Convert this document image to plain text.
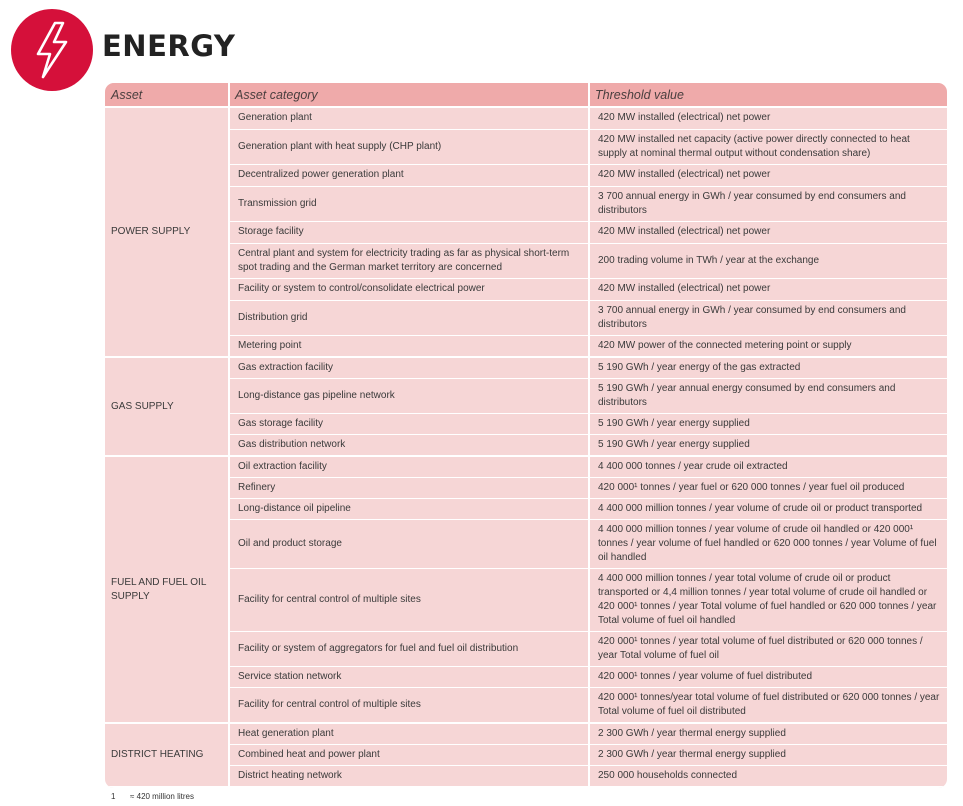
ENERGY
Asset	Asset category	Threshold value
POWER SUPPLY	Generation plant	420 MW installed (electrical) net power
	Generation plant with heat supply (CHP plant)	420 MW installed net capacity (active power directly connected to heat supply at nominal thermal output without condensation share)
	Decentralized power generation plant	420 MW installed (electrical) net power
	Transmission grid	3 700 annual energy in GWh / year consumed by end consumers and distributors
	Storage facility	420 MW installed (electrical) net power
	Central plant and system for electricity trading as far as physical short-term spot trading and the German market territory are concerned	200 trading volume in TWh / year at the exchange
	Facility or system to control/consolidate electrical power	420 MW installed (electrical) net power
	Distribution grid	3 700 annual energy in GWh / year consumed by end consumers and distributors
	Metering point	420 MW power of the connected metering point or supply
GAS SUPPLY	Gas extraction facility	5 190 GWh / year energy of the gas extracted
	Long-distance gas pipeline network	5 190 GWh / year annual energy consumed by end consumers and distributors
	Gas storage facility	5 190 GWh / year energy supplied
	Gas distribution network	5 190 GWh / year energy supplied
FUEL AND FUEL OIL SUPPLY	Oil extraction facility	4 400 000 tonnes / year crude oil extracted
	Refinery	420 000¹ tonnes / year fuel or 620 000 tonnes / year fuel oil produced
	Long-distance oil pipeline	4 400 000 million tonnes / year volume of crude oil or product transported
	Oil and product storage	4 400 000 million tonnes / year volume of crude oil handled or 420 000¹ tonnes / year volume of fuel handled or 620 000 tonnes / year Volume of fuel oil handled
	Facility for central control of multiple sites	4 400 000 million tonnes / year total volume of crude oil or product transported or 4,4 million tonnes / year total volume of crude oil handled or 420 000¹ tonnes / year Total volume of fuel handled or 620 000 tonnes / year Total volume of fuel oil handled
	Facility or system of aggregators for fuel and fuel oil distribution	420 000¹ tonnes / year total volume of fuel distributed or 620 000 tonnes / year Total volume of fuel oil
	Service station network	420 000¹ tonnes / year volume of fuel distributed
	Facility for central control of multiple sites	420 000¹ tonnes/year total volume of fuel distributed or 620 000 tonnes / year Total volume of fuel oil distributed
DISTRICT HEATING	Heat generation plant	2 300 GWh / year thermal energy supplied
	Combined heat and power plant	2 300 GWh / year thermal energy supplied
	District heating network	250 000 households connected
1 ≈ 420 million litres
